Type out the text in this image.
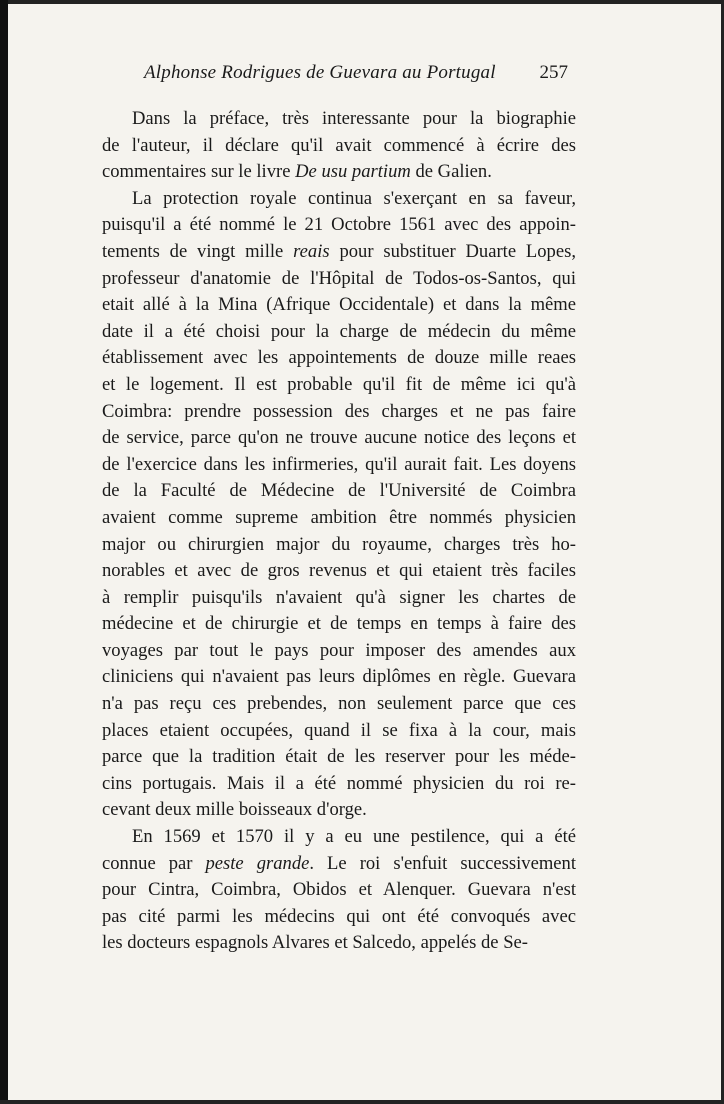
Alphonse Rodrigues de Guevara au Portugal 257
Dans la préface, très interessante pour la biographie
de l'auteur, il déclare qu'il avait commencé à écrire des
commentaires sur le livre De usu partium de Galien.
La protection royale continua s'exerçant en sa faveur,
puisqu'il a été nommé le 21 Octobre 1561 avec des appoin-
tements de vingt mille reais pour substituer Duarte Lopes,
professeur d'anatomie de l'Hôpital de Todos-os-Santos, qui
etait allé à la Mina (Afrique Occidentale) et dans la même
date il a été choisi pour la charge de médecin du même
établissement avec les appointements de douze mille reaes
et le logement. Il est probable qu'il fit de même ici qu'à
Coimbra: prendre possession des charges et ne pas faire
de service, parce qu'on ne trouve aucune notice des leçons et
de l'exercice dans les infirmeries, qu'il aurait fait. Les doyens
de la Faculté de Médecine de l'Université de Coimbra
avaient comme supreme ambition être nommés physicien
major ou chirurgien major du royaume, charges très ho-
norables et avec de gros revenus et qui etaient très faciles
à remplir puisqu'ils n'avaient qu'à signer les chartes de
médecine et de chirurgie et de temps en temps à faire des
voyages par tout le pays pour imposer des amendes aux
cliniciens qui n'avaient pas leurs diplômes en règle. Guevara
n'a pas reçu ces prebendes, non seulement parce que ces
places etaient occupées, quand il se fixa à la cour, mais
parce que la tradition était de les reserver pour les méde-
cins portugais. Mais il a été nommé physicien du roi re-
cevant deux mille boisseaux d'orge.
En 1569 et 1570 il y a eu une pestilence, qui a été
connue par peste grande. Le roi s'enfuit successivement
pour Cintra, Coimbra, Obidos et Alenquer. Guevara n'est
pas cité parmi les médecins qui ont été convoqués avec
les docteurs espagnols Alvares et Salcedo, appelés de Se-
